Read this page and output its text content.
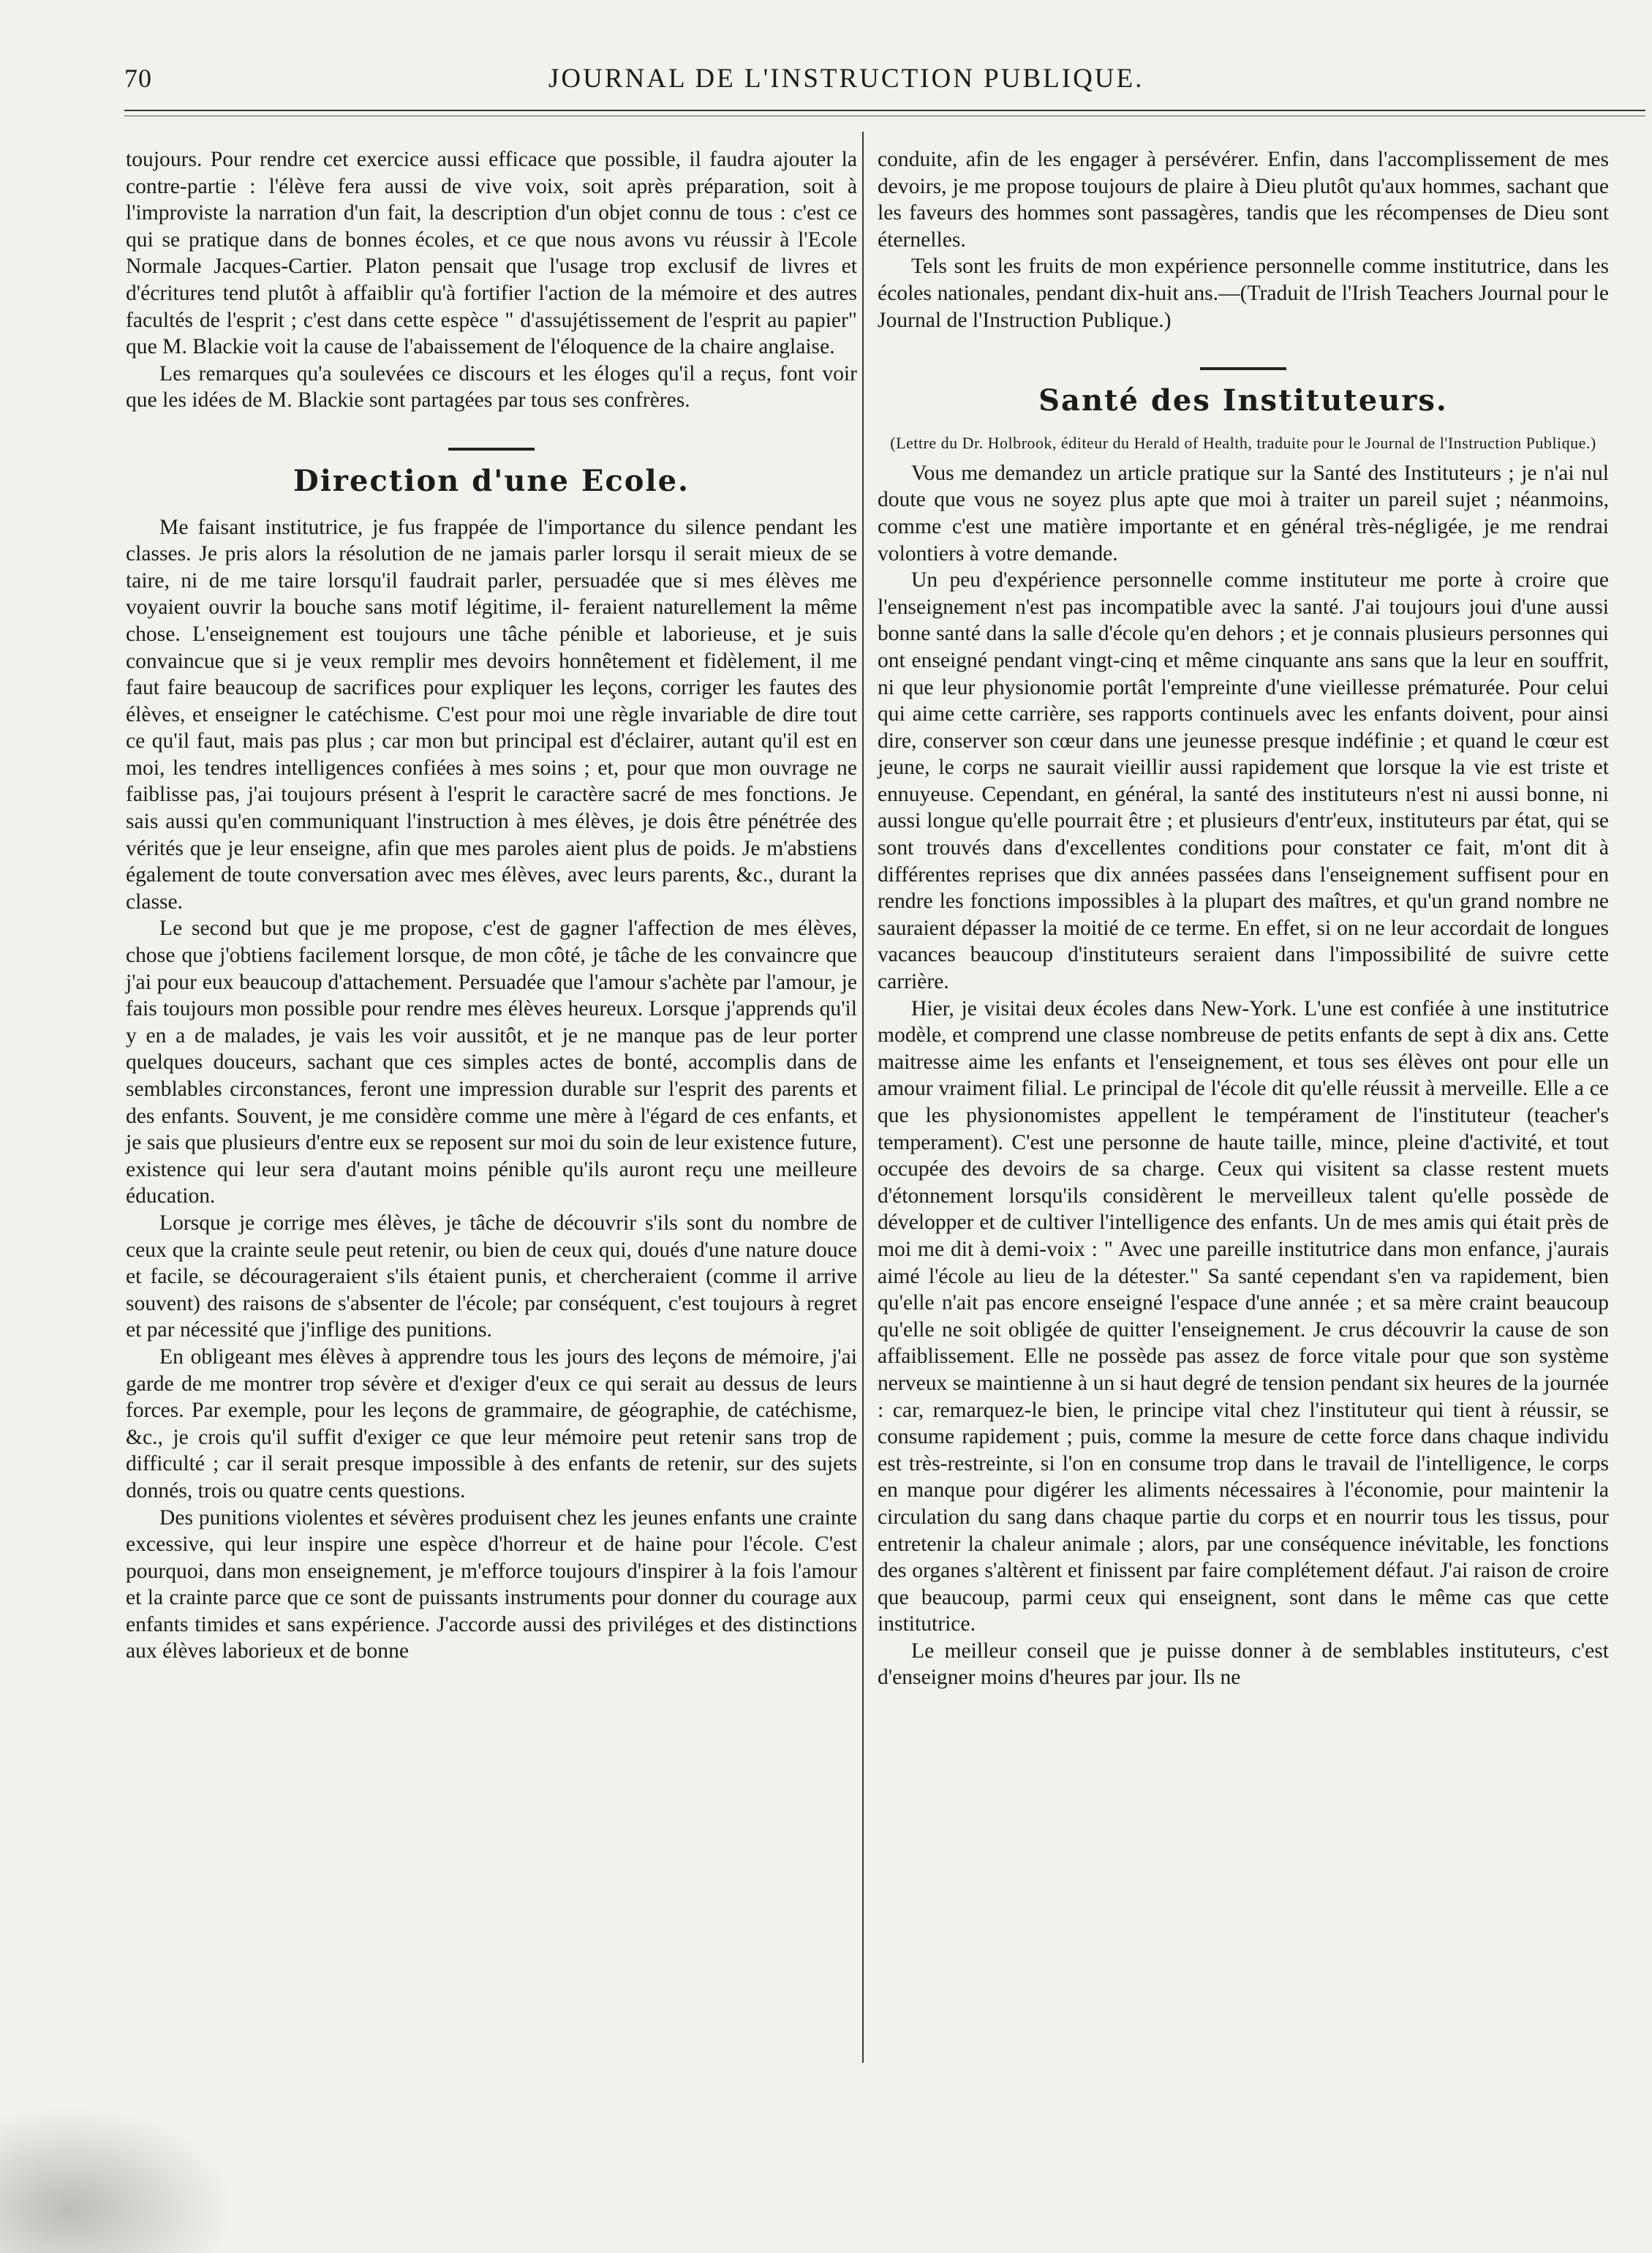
70	JOURNAL DE L'INSTRUCTION PUBLIQUE.

toujours. Pour rendre cet exercice aussi efficace que possible, il faudra ajouter la contre-partie : l'élève fera aussi de vive voix, soit après préparation, soit à l'improviste la narration d'un fait, la description d'un objet connu de tous : c'est ce qui se pratique dans de bonnes écoles, et ce que nous avons vu réussir à l'Ecole Normale Jacques-Cartier. Platon pensait que l'usage trop exclusif de livres et d'écritures tend plutôt à affaiblir qu'à fortifier l'action de la mémoire et des autres facultés de l'esprit ; c'est dans cette espèce " d'assujétissement de l'esprit au papier" que M. Blackie voit la cause de l'abaissement de l'éloquence de la chaire anglaise.

Les remarques qu'a soulevées ce discours et les éloges qu'il a reçus, font voir que les idées de M. Blackie sont partagées par tous ses confrères.

Direction d'une Ecole.

Me faisant institutrice, je fus frappée de l'importance du silence pendant les classes. Je pris alors la résolution de ne jamais parler lorsqu il serait mieux de se taire, ni de me taire lorsqu'il faudrait parler, persuadée que si mes élèves me voyaient ouvrir la bouche sans motif légitime, il- feraient naturellement la même chose. L'enseignement est toujours une tâche pénible et laborieuse, et je suis convaincue que si je veux remplir mes devoirs honnêtement et fidèlement, il me faut faire beaucoup de sacrifices pour expliquer les leçons, corriger les fautes des élèves, et enseigner le catéchisme. C'est pour moi une règle invariable de dire tout ce qu'il faut, mais pas plus ; car mon but principal est d'éclairer, autant qu'il est en moi, les tendres intelligences confiées à mes soins ; et, pour que mon ouvrage ne faiblisse pas, j'ai toujours présent à l'esprit le caractère sacré de mes fonctions. Je sais aussi qu'en communiquant l'instruction à mes élèves, je dois être pénétrée des vérités que je leur enseigne, afin que mes paroles aient plus de poids. Je m'abstiens également de toute conversation avec mes élèves, avec leurs parents, &c., durant la classe.

Le second but que je me propose, c'est de gagner l'affection de mes élèves, chose que j'obtiens facilement lorsque, de mon côté, je tâche de les convaincre que j'ai pour eux beaucoup d'attachement. Persuadée que l'amour s'achète par l'amour, je fais toujours mon possible pour rendre mes élèves heureux. Lorsque j'apprends qu'il y en a de malades, je vais les voir aussitôt, et je ne manque pas de leur porter quelques douceurs, sachant que ces simples actes de bonté, accomplis dans de semblables circonstances, feront une impression durable sur l'esprit des parents et des enfants. Souvent, je me considère comme une mère à l'égard de ces enfants, et je sais que plusieurs d'entre eux se reposent sur moi du soin de leur existence future, existence qui leur sera d'autant moins pénible qu'ils auront reçu une meilleure éducation.

Lorsque je corrige mes élèves, je tâche de découvrir s'ils sont du nombre de ceux que la crainte seule peut retenir, ou bien de ceux qui, doués d'une nature douce et facile, se décourageraient s'ils étaient punis, et chercheraient (comme il arrive souvent) des raisons de s'absenter de l'école; par conséquent, c'est toujours à regret et par nécessité que j'inflige des punitions.

En obligeant mes élèves à apprendre tous les jours des leçons de mémoire, j'ai garde de me montrer trop sévère et d'exiger d'eux ce qui serait au dessus de leurs forces. Par exemple, pour les leçons de grammaire, de géographie, de catéchisme, &c., je crois qu'il suffit d'exiger ce que leur mémoire peut retenir sans trop de difficulté ; car il serait presque impossible à des enfants de retenir, sur des sujets donnés, trois ou quatre cents questions.

Des punitions violentes et sévères produisent chez les jeunes enfants une crainte excessive, qui leur inspire une espèce d'horreur et de haine pour l'école. C'est pourquoi, dans mon enseignement, je m'efforce toujours d'inspirer à la fois l'amour et la crainte parce que ce sont de puissants instruments pour donner du courage aux enfants timides et sans expérience. J'accorde aussi des priviléges et des distinctions aux élèves laborieux et de bonne

conduite, afin de les engager à persévérer. Enfin, dans l'accomplissement de mes devoirs, je me propose toujours de plaire à Dieu plutôt qu'aux hommes, sachant que les faveurs des hommes sont passagères, tandis que les récompenses de Dieu sont éternelles.

Tels sont les fruits de mon expérience personnelle comme institutrice, dans les écoles nationales, pendant dix-huit ans.—(Traduit de l'Irish Teachers Journal pour le Journal de l'Instruction Publique.)

Santé des Instituteurs.
(Lettre du Dr. Holbrook, éditeur du Herald of Health, traduite pour le Journal de l'Instruction Publique.)

Vous me demandez un article pratique sur la Santé des Instituteurs ; je n'ai nul doute que vous ne soyez plus apte que moi à traiter un pareil sujet ; néanmoins, comme c'est une matière importante et en général très-négligée, je me rendrai volontiers à votre demande.

Un peu d'expérience personnelle comme instituteur me porte à croire que l'enseignement n'est pas incompatible avec la santé. J'ai toujours joui d'une aussi bonne santé dans la salle d'école qu'en dehors ; et je connais plusieurs personnes qui ont enseigné pendant vingt-cinq et même cinquante ans sans que la leur en souffrit, ni que leur physionomie portât l'empreinte d'une vieillesse prématurée. Pour celui qui aime cette carrière, ses rapports continuels avec les enfants doivent, pour ainsi dire, conserver son cœur dans une jeunesse presque indéfinie ; et quand le cœur est jeune, le corps ne saurait vieillir aussi rapidement que lorsque la vie est triste et ennuyeuse. Cependant, en général, la santé des instituteurs n'est ni aussi bonne, ni aussi longue qu'elle pourrait être ; et plusieurs d'entr'eux, instituteurs par état, qui se sont trouvés dans d'excellentes conditions pour constater ce fait, m'ont dit à différentes reprises que dix années passées dans l'enseignement suffisent pour en rendre les fonctions impossibles à la plupart des maîtres, et qu'un grand nombre ne sauraient dépasser la moitié de ce terme. En effet, si on ne leur accordait de longues vacances beaucoup d'instituteurs seraient dans l'impossibilité de suivre cette carrière.

Hier, je visitai deux écoles dans New-York. L'une est confiée à une institutrice modèle, et comprend une classe nombreuse de petits enfants de sept à dix ans. Cette maitresse aime les enfants et l'enseignement, et tous ses élèves ont pour elle un amour vraiment filial. Le principal de l'école dit qu'elle réussit à merveille. Elle a ce que les physionomistes appellent le tempérament de l'instituteur (teacher's temperament). C'est une personne de haute taille, mince, pleine d'activité, et tout occupée des devoirs de sa charge. Ceux qui visitent sa classe restent muets d'étonnement lorsqu'ils considèrent le merveilleux talent qu'elle possède de développer et de cultiver l'intelligence des enfants. Un de mes amis qui était près de moi me dit à demi-voix : " Avec une pareille institutrice dans mon enfance, j'aurais aimé l'école au lieu de la détester." Sa santé cependant s'en va rapidement, bien qu'elle n'ait pas encore enseigné l'espace d'une année ; et sa mère craint beaucoup qu'elle ne soit obligée de quitter l'enseignement. Je crus découvrir la cause de son affaiblissement. Elle ne possède pas assez de force vitale pour que son système nerveux se maintienne à un si haut degré de tension pendant six heures de la journée : car, remarquez-le bien, le principe vital chez l'instituteur qui tient à réussir, se consume rapidement ; puis, comme la mesure de cette force dans chaque individu est très-restreinte, si l'on en consume trop dans le travail de l'intelligence, le corps en manque pour digérer les aliments nécessaires à l'économie, pour maintenir la circulation du sang dans chaque partie du corps et en nourrir tous les tissus, pour entretenir la chaleur animale ; alors, par une conséquence inévitable, les fonctions des organes s'altèrent et finissent par faire complétement défaut. J'ai raison de croire que beaucoup, parmi ceux qui enseignent, sont dans le même cas que cette institutrice.

Le meilleur conseil que je puisse donner à de semblables instituteurs, c'est d'enseigner moins d'heures par jour. Ils ne
